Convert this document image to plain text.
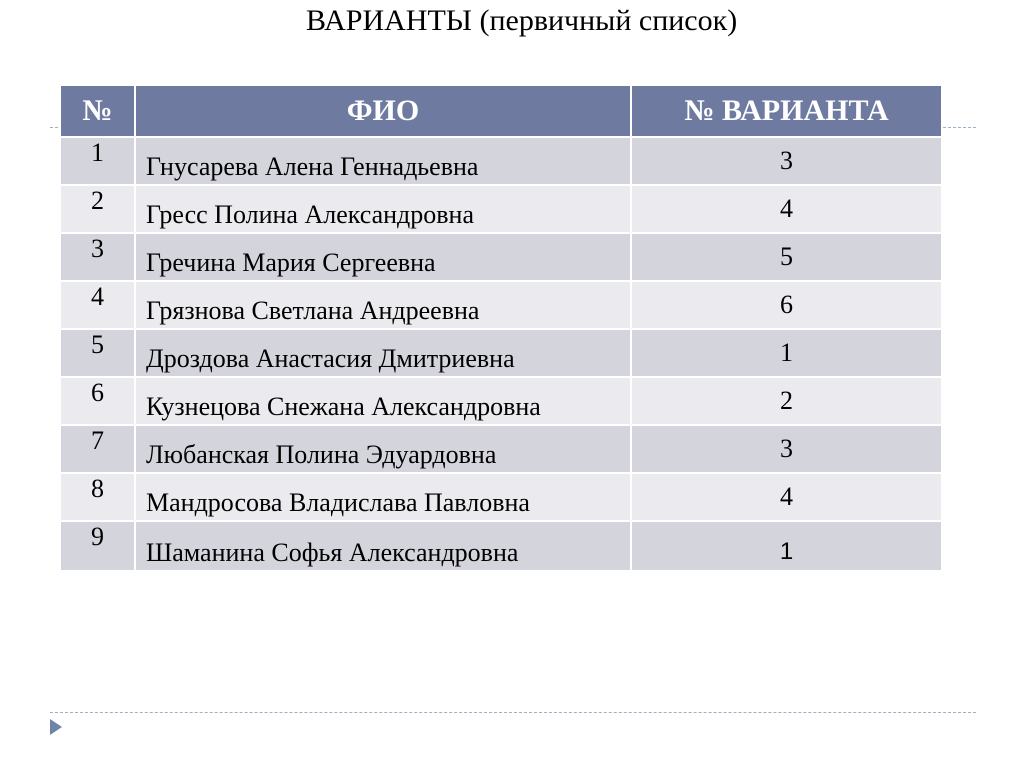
ВАРИАНТЫ (первичный список)
№	ФИО	№ ВАРИАНТА
1	Гнусарева Алена Геннадьевна	3
2	Гресс Полина Александровна	4
3	Гречина Мария Сергеевна	5
4	Грязнова Светлана Андреевна	6
5	Дроздова Анастасия Дмитриевна	1
6	Кузнецова Снежана Александровна	2
7	Любанская Полина Эдуардовна	3
8	Мандросова Владислава Павловна	4
9	Шаманина Софья Александровна	1
